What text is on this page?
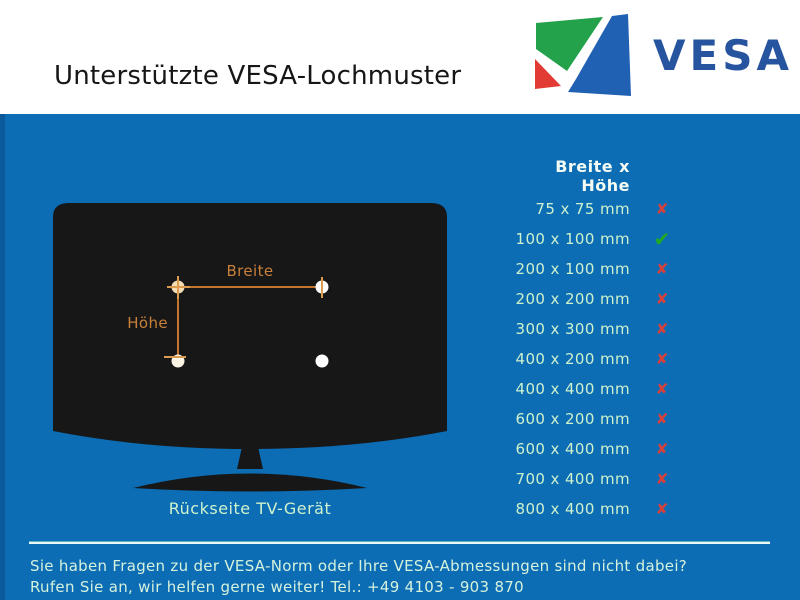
Unterstützte VESA-Lochmuster	VESA
Breite
Höhe
Rückseite TV-Gerät
Breite x Höhe
75 x 75 mm	✘
100 x 100 mm	✔
200 x 100 mm	✘
200 x 200 mm	✘
300 x 300 mm	✘
400 x 200 mm	✘
400 x 400 mm	✘
600 x 200 mm	✘
600 x 400 mm	✘
700 x 400 mm	✘
800 x 400 mm	✘
Sie haben Fragen zu der VESA-Norm oder Ihre VESA-Abmessungen sind nicht dabei?
Rufen Sie an, wir helfen gerne weiter! Tel.: +49 4103 - 903 870
